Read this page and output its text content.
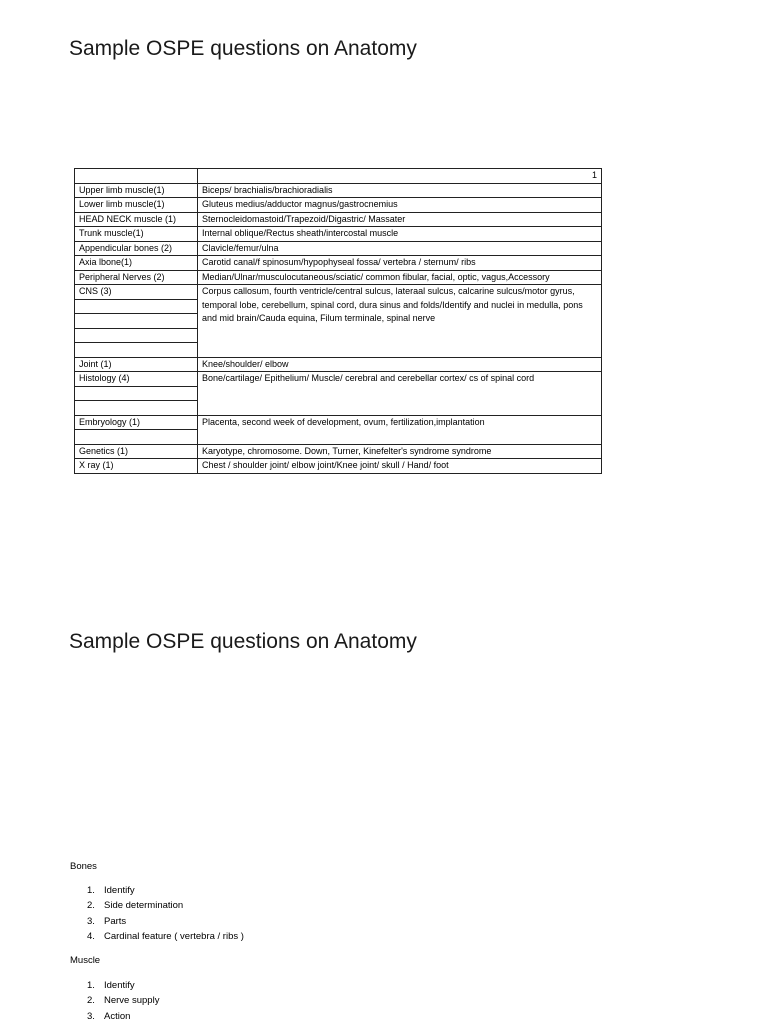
Sample OSPE questions on Anatomy
	1
Upper limb muscle(1)	Biceps/ brachialis/brachioradialis
Lower limb muscle(1)	Gluteus medius/adductor magnus/gastrocnemius
HEAD NECK muscle (1)	Sternocleidomastoid/Trapezoid/Digastric/ Massater
Trunk muscle(1)	Internal oblique/Rectus sheath/intercostal muscle
Appendicular bones (2)	Clavicle/femur/ulna
Axia lbone(1)	Carotid canal/f spinosum/hypophyseal fossa/ vertebra / sternum/ ribs
Peripheral Nerves (2)	Median/Ulnar/musculocutaneous/sciatic/ common fibular, facial, optic, vagus,Accessory
CNS (3)	Corpus callosum, fourth ventricle/central sulcus, lateraal sulcus, calcarine sulcus/motor gyrus, temporal lobe, cerebellum, spinal cord, dura sinus and folds/Identify and nuclei in medulla, pons and mid brain/Cauda equina, Filum terminale, spinal nerve

Joint (1)	Knee/shoulder/ elbow
Histology (4)	Bone/cartilage/ Epithelium/ Muscle/ cerebral and cerebellar cortex/ cs of spinal cord

Embryology (1)	Placenta, second week of development, ovum, fertilization,implantation

Genetics (1)	Karyotype, chromosome. Down, Turner, Kinefelter's syndrome syndrome
X ray (1)	Chest / shoulder joint/ elbow joint/Knee joint/ skull / Hand/ foot
Sample OSPE questions on Anatomy

Bones

1. Identify
2. Side determination
3. Parts
4. Cardinal feature ( vertebra / ribs )

Muscle

1. Identify
2. Nerve supply
3. Action
